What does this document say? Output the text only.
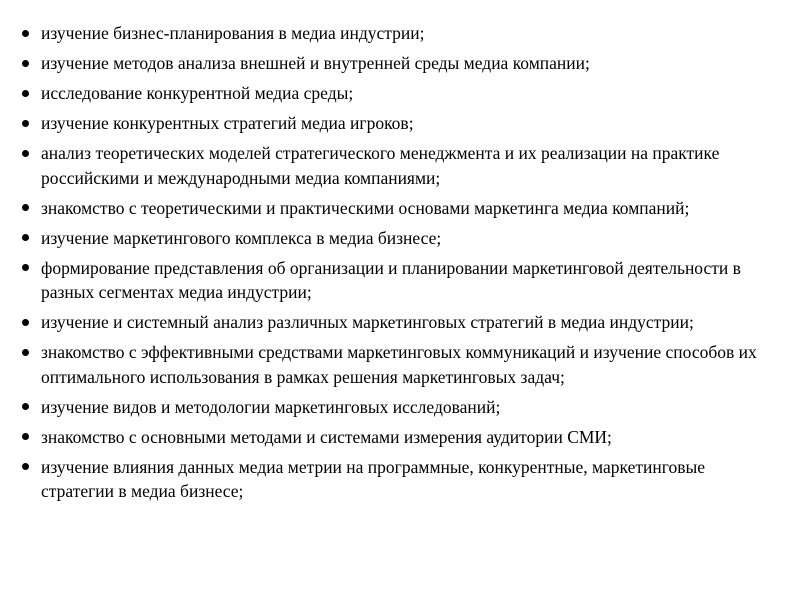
изучение бизнес-планирования в медиа индустрии;
изучение методов анализа внешней и внутренней среды медиа компании;
исследование конкурентной медиа среды;
изучение конкурентных стратегий медиа игроков;
анализ теоретических моделей стратегического менеджмента и их реализации на практике российскими и международными медиа компаниями;
знакомство с теоретическими и практическими основами маркетинга медиа компаний;
изучение маркетингового комплекса в медиа бизнесе;
формирование представления об организации и планировании маркетинговой деятельности в разных сегментах медиа индустрии;
изучение и системный анализ различных маркетинговых стратегий в медиа индустрии;
знакомство с эффективными средствами маркетинговых коммуникаций и изучение способов их оптимального использования в рамках решения маркетинговых задач;
изучение видов и методологии маркетинговых исследований;
знакомство с основными методами и системами измерения аудитории СМИ;
изучение влияния данных медиа метрии на программные, конкурентные, маркетинговые стратегии в медиа бизнесе;
